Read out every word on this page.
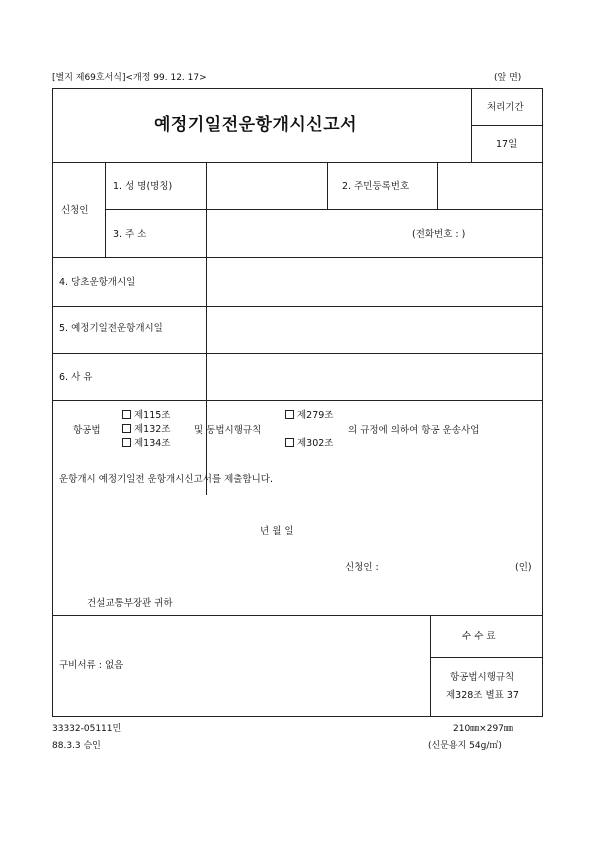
[별지 제69호서식]<개정 99. 12. 17>	(앞 면)
예정기일전운항개시신고서
처리기간
17일
신청인
1. 성 명(명칭)	2. 주민등록번호
3. 주 소	(전화번호 : )
4. 당초운항개시일
5. 예정기일전운항개시일
6. 사 유
항공법
제115조
제132조
제134조
및 동법시행규칙
제279조
제302조
의 규정에 의하여 항공 운송사업
운항개시 예정기일전 운항개시신고서를 제출합니다.
년 월 일
신청인 :	(인)
건설교통부장관 귀하
구비서류 : 없음
수 수 료
항공법시행규칙
제328조 별표 37
33332-05111민
88.3.3 승인
210㎜×297㎜
(신문용지 54g/㎡)
